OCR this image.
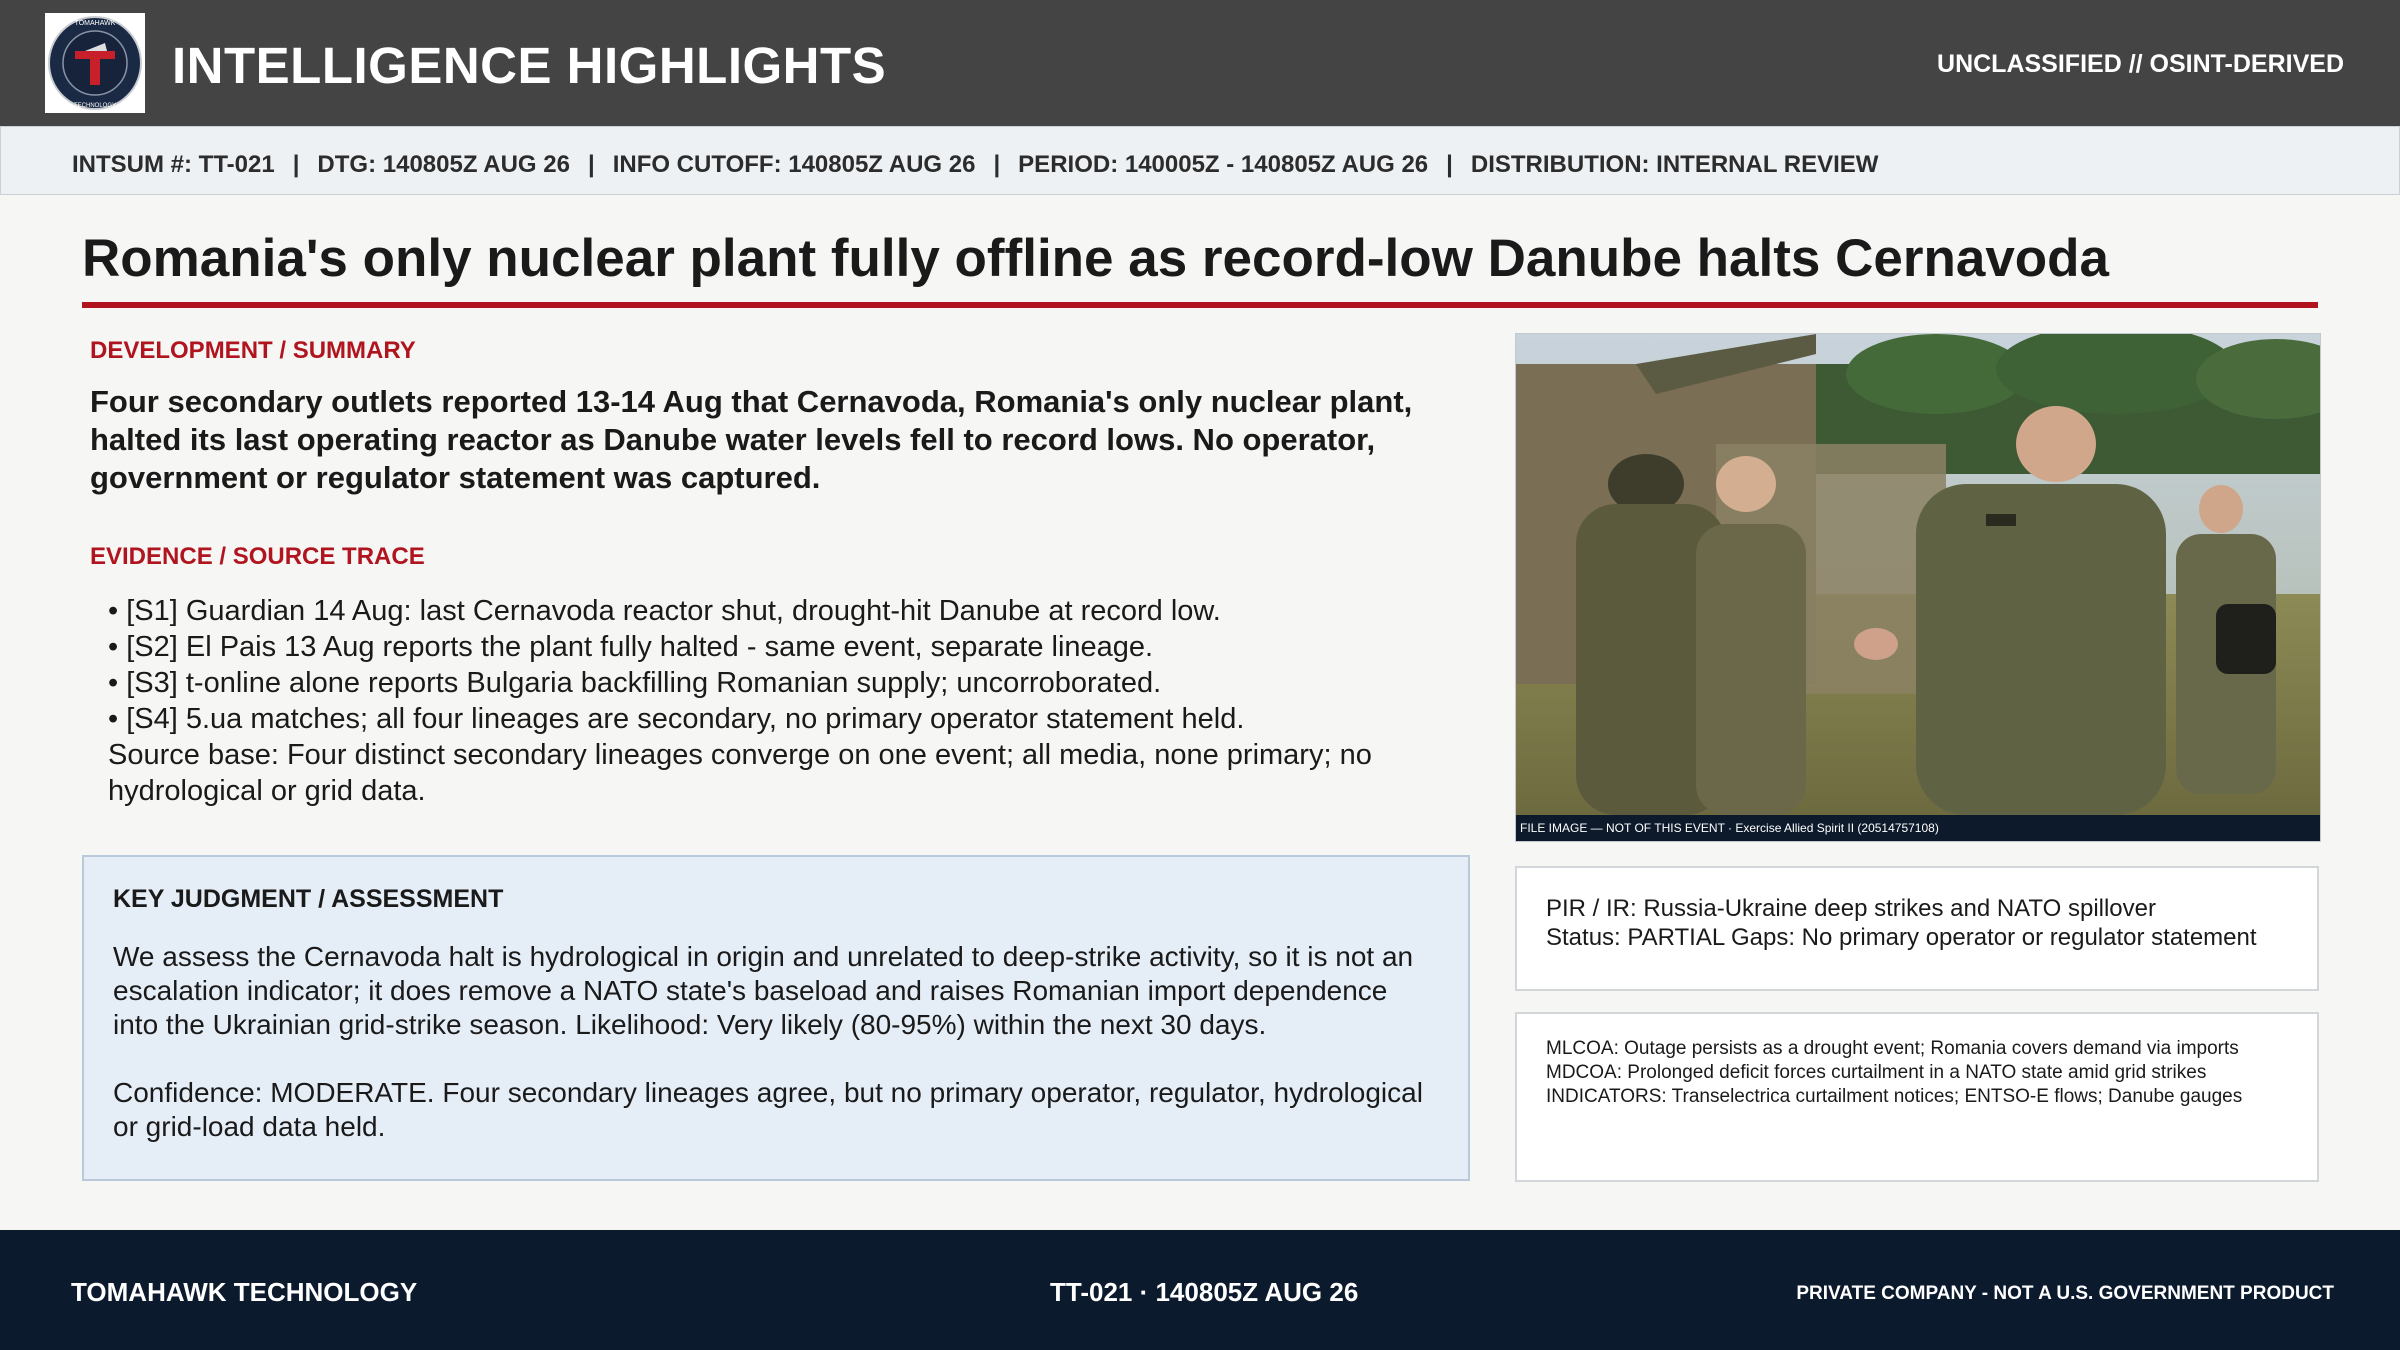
TOMAHAWK
TECHNOLOGY
INTELLIGENCE HIGHLIGHTS	UNCLASSIFIED // OSINT-DERIVED
INTSUM #: TT-021 | DTG: 140805Z AUG 26 | INFO CUTOFF: 140805Z AUG 26 | PERIOD: 140005Z - 140805Z AUG 26 | DISTRIBUTION: INTERNAL REVIEW
Romania's only nuclear plant fully offline as record-low Danube halts Cernavoda
DEVELOPMENT / SUMMARY
Four secondary outlets reported 13-14 Aug that Cernavoda, Romania's only nuclear plant, halted its last operating reactor as Danube water levels fell to record lows. No operator, government or regulator statement was captured.
EVIDENCE / SOURCE TRACE
• [S1] Guardian 14 Aug: last Cernavoda reactor shut, drought-hit Danube at record low.
• [S2] El Pais 13 Aug reports the plant fully halted - same event, separate lineage.
• [S3] t-online alone reports Bulgaria backfilling Romanian supply; uncorroborated.
• [S4] 5.ua matches; all four lineages are secondary, no primary operator statement held.
Source base: Four distinct secondary lineages converge on one event; all media, none primary; no hydrological or grid data.
KEY JUDGMENT / ASSESSMENT
We assess the Cernavoda halt is hydrological in origin and unrelated to deep-strike activity, so it is not an escalation indicator; it does remove a NATO state's baseload and raises Romanian import dependence into the Ukrainian grid-strike season. Likelihood: Very likely (80-95%) within the next 30 days.
Confidence: MODERATE. Four secondary lineages agree, but no primary operator, regulator, hydrological or grid-load data held.
FILE IMAGE — NOT OF THIS EVENT · Exercise Allied Spirit II (20514757108)
PIR / IR: Russia-Ukraine deep strikes and NATO spillover
Status: PARTIAL Gaps: No primary operator or regulator statement
MLCOA: Outage persists as a drought event; Romania covers demand via imports
MDCOA: Prolonged deficit forces curtailment in a NATO state amid grid strikes
INDICATORS: Transelectrica curtailment notices; ENTSO-E flows; Danube gauges
TOMAHAWK TECHNOLOGY	TT-021 · 140805Z AUG 26	PRIVATE COMPANY - NOT A U.S. GOVERNMENT PRODUCT
